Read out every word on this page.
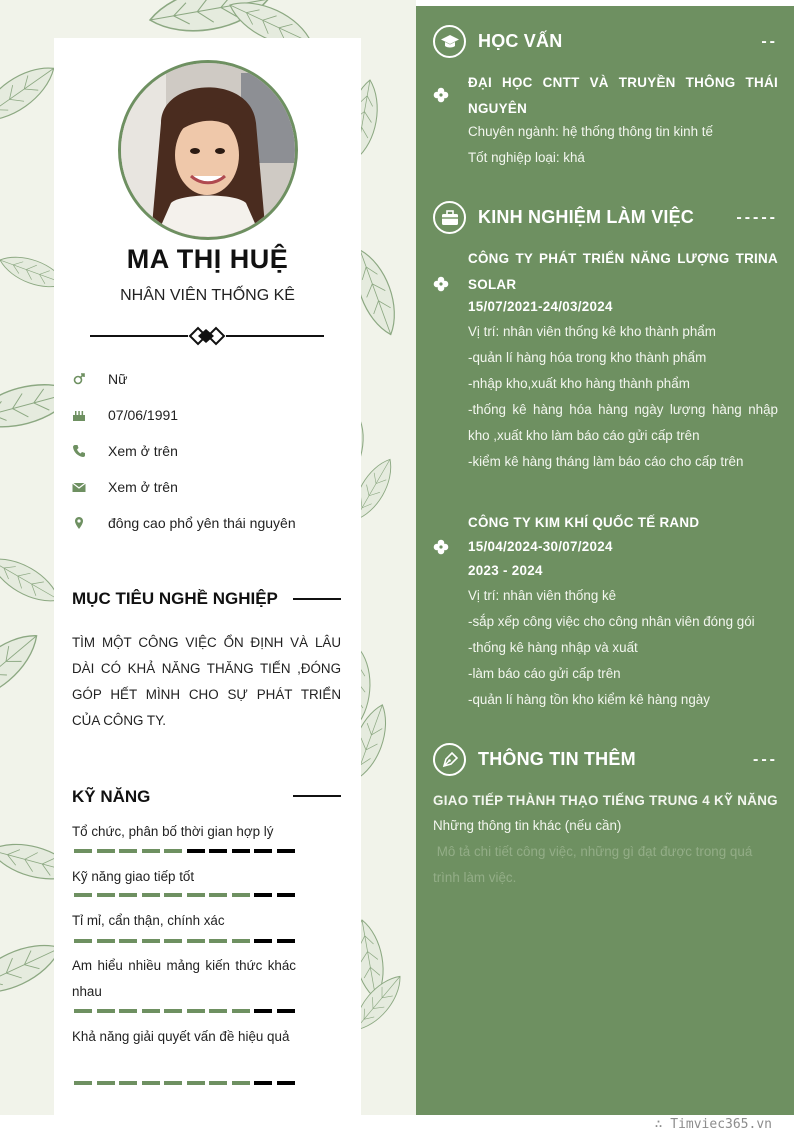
MA THỊ HUỆ
NHÂN VIÊN THỐNG KÊ
Nữ
07/06/1991
Xem ở trên
Xem ở trên
đông cao phổ yên thái nguyên
MỤC TIÊU NGHỀ NGHIỆP
TÌM MỘT CÔNG VIỆC ỔN ĐỊNH VÀ LÂU DÀI CÓ KHẢ NĂNG THĂNG TIẾN ,ĐÓNG GÓP HẾT MÌNH CHO SỰ PHÁT TRIỂN CỦA CÔNG TY.
KỸ NĂNG
Tổ chức, phân bố thời gian hợp lý
Kỹ năng giao tiếp tốt
Tỉ mỉ, cẩn thận, chính xác
Am hiểu nhiều mảng kiến thức khác nhau
Khả năng giải quyết vấn đề hiệu quả
HỌC VẤN	--
ĐẠI HỌC CNTT VÀ TRUYỀN THÔNG THÁI NGUYÊN
Chuyên ngành: hệ thống thông tin kinh tế
Tốt nghiệp loại: khá
KINH NGHIỆM LÀM VIỆC	-----
CÔNG TY PHÁT TRIỂN NĂNG LƯỢNG TRINA SOLAR
15/07/2021-24/03/2024
Vị trí: nhân viên thống kê kho thành phẩm
-quản lí hàng hóa trong kho thành phẩm
-nhập kho,xuất kho hàng thành phẩm
-thống kê hàng hóa hàng ngày lượng hàng nhập kho ,xuất kho làm báo cáo gửi cấp trên
-kiểm kê hàng tháng làm báo cáo cho cấp trên
CÔNG TY KIM KHÍ QUỐC TẾ RAND
15/04/2024-30/07/2024
2023 - 2024
Vị trí: nhân viên thống kê
-sắp xếp công việc cho công nhân viên đóng gói
-thống kê hàng nhập và xuất
-làm báo cáo gửi cấp trên
-quản lí hàng tồn kho kiểm kê hàng ngày
THÔNG TIN THÊM	---
GIAO TIẾP THÀNH THẠO TIẾNG TRUNG 4 KỸ NĂNG
Những thông tin khác (nếu cần)
Mô tả chi tiết công việc, những gì đạt được trong quá trình làm việc.
∴ Timviec365.vn
